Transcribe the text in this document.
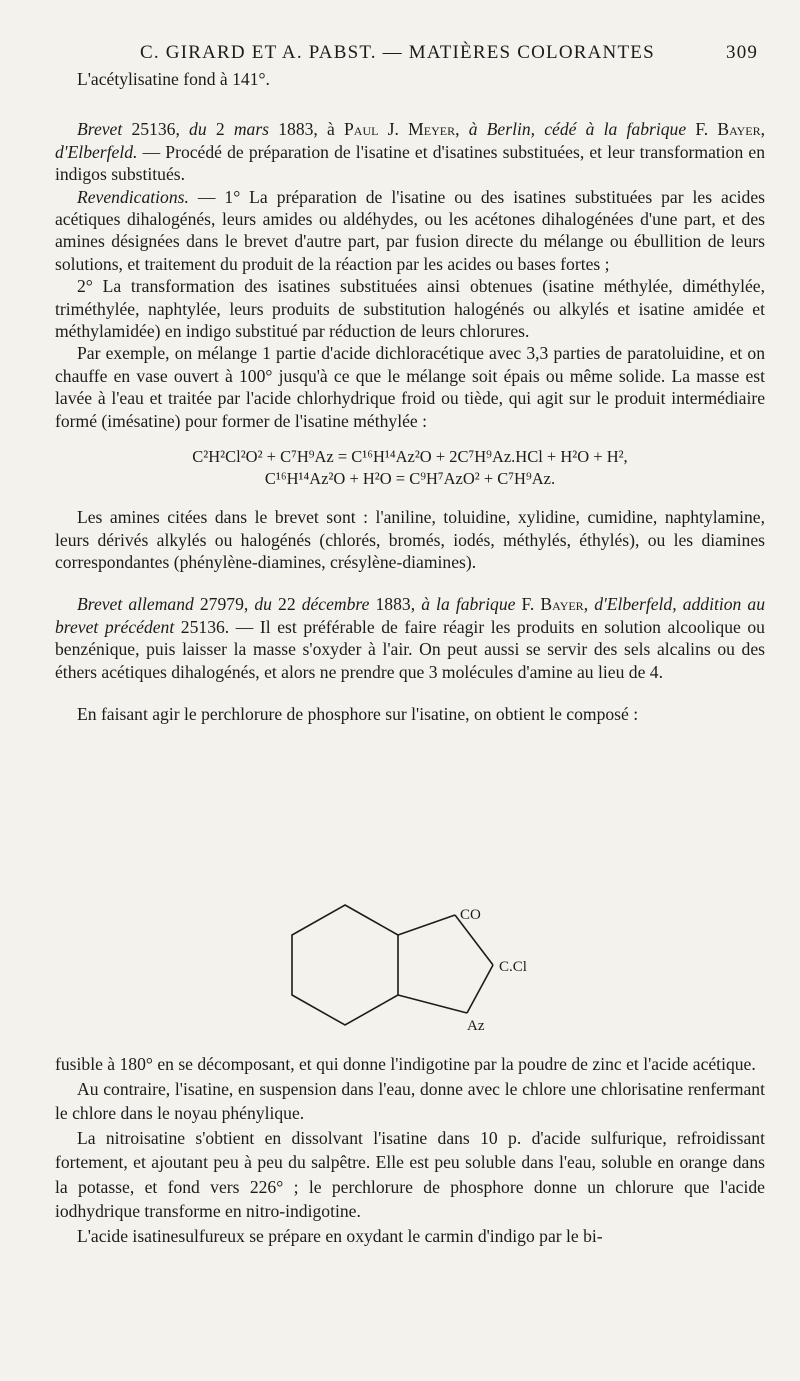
C. GIRARD ET A. PABST. — MATIÈRES COLORANTES	309

L'acétylisatine fond à 141°.

Brevet 25136, du 2 mars 1883, à Paul J. Meyer, à Berlin, cédé à la fabrique F. Bayer, d'Elberfeld. — Procédé de préparation de l'isatine et d'isatines substituées, et leur transformation en indigos substitués.

Revendications. — 1° La préparation de l'isatine ou des isatines substituées par les acides acétiques dihalogénés, leurs amides ou aldéhydes, ou les acétones dihalogénées d'une part, et des amines désignées dans le brevet d'autre part, par fusion directe du mélange ou ébullition de leurs solutions, et traitement du produit de la réaction par les acides ou bases fortes ;

2° La transformation des isatines substituées ainsi obtenues (isatine méthylée, diméthylée, triméthylée, naphtylée, leurs produits de substitution halogénés ou alkylés et isatine amidée et méthylamidée) en indigo substitué par réduction de leurs chlorures.

Par exemple, on mélange 1 partie d'acide dichloracétique avec 3,3 parties de paratoluidine, et on chauffe en vase ouvert à 100° jusqu'à ce que le mélange soit épais ou même solide. La masse est lavée à l'eau et traitée par l'acide chlorhydrique froid ou tiède, qui agit sur le produit intermédiaire formé (imésatine) pour former de l'isatine méthylée :

C²H²Cl²O² + C⁷H⁹Az = C¹⁶H¹⁴Az²O + 2C⁷H⁹Az.HCl + H²O + H²,
C¹⁶H¹⁴Az²O + H²O = C⁹H⁷AzO² + C⁷H⁹Az.

Les amines citées dans le brevet sont : l'aniline, toluidine, xylidine, cumidine, naphtylamine, leurs dérivés alkylés ou halogénés (chlorés, bromés, iodés, méthylés, éthylés), ou les diamines correspondantes (phénylène-diamines, crésylène-diamines).

Brevet allemand 27979, du 22 décembre 1883, à la fabrique F. Bayer, d'Elberfeld, addition au brevet précédent 25136. — Il est préférable de faire réagir les produits en solution alcoolique ou benzénique, puis laisser la masse s'oxyder à l'air. On peut aussi se servir des sels alcalins ou des éthers acétiques dihalogénés, et alors ne prendre que 3 molécules d'amine au lieu de 4.

En faisant agir le perchlorure de phosphore sur l'isatine, on obtient le composé :

CO
C.Cl
Az

fusible à 180° en se décomposant, et qui donne l'indigotine par la poudre de zinc et l'acide acétique.

Au contraire, l'isatine, en suspension dans l'eau, donne avec le chlore une chlorisatine renfermant le chlore dans le noyau phénylique.

La nitroisatine s'obtient en dissolvant l'isatine dans 10 p. d'acide sulfurique, refroidissant fortement, et ajoutant peu à peu du salpêtre. Elle est peu soluble dans l'eau, soluble en orange dans la potasse, et fond vers 226° ; le perchlorure de phosphore donne un chlorure que l'acide iodhydrique transforme en nitro-indigotine.

L'acide isatinesulfureux se prépare en oxydant le carmin d'indigo par le bi-
